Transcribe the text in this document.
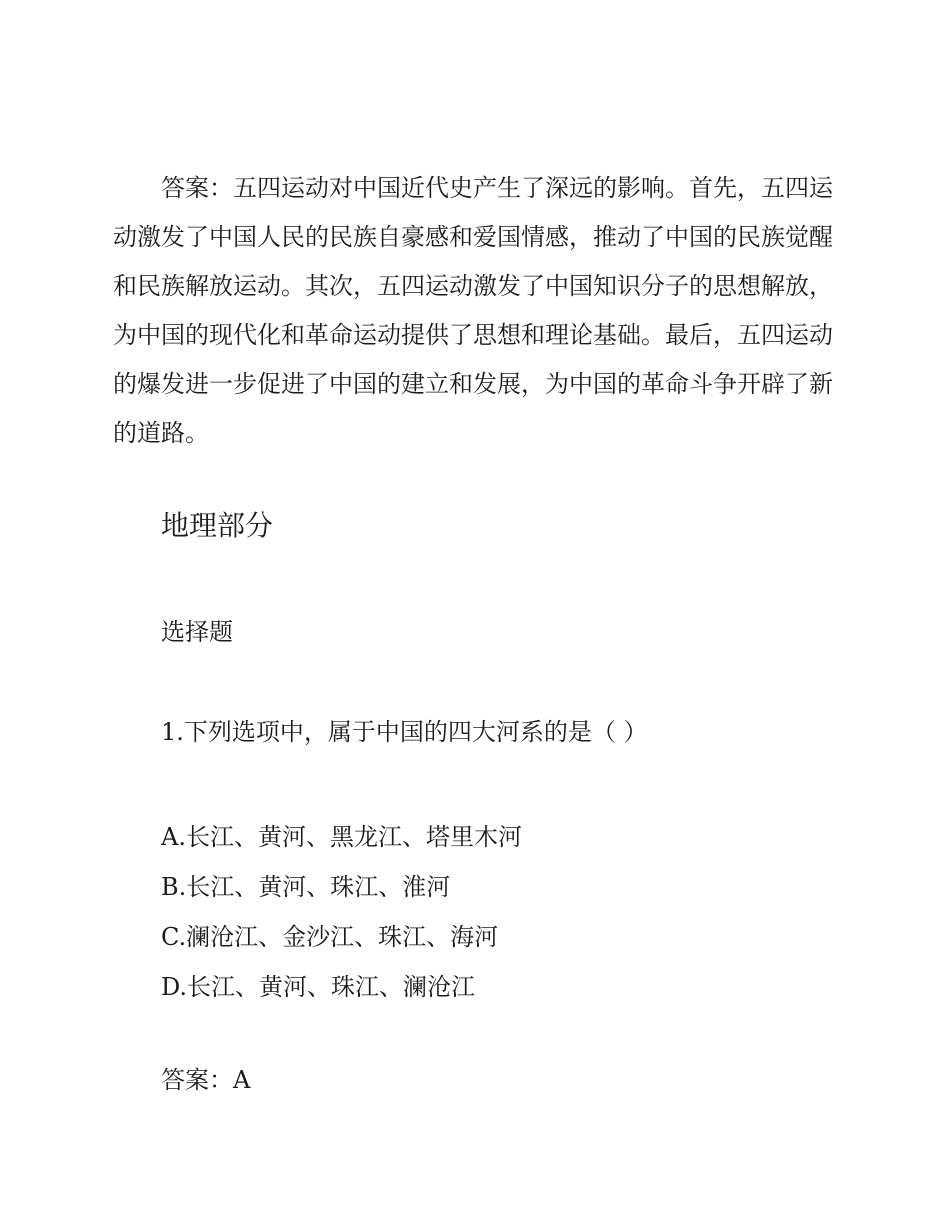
答案：五四运动对中国近代史产生了深远的影响。首先，五四运动激发了中国人民的民族自豪感和爱国情感，推动了中国的民族觉醒和民族解放运动。其次，五四运动激发了中国知识分子的思想解放，为中国的现代化和革命运动提供了思想和理论基础。最后，五四运动的爆发进一步促进了中国的建立和发展，为中国的革命斗争开辟了新的道路。

地理部分

选择题

1.下列选项中，属于中国的四大河系的是（ ）

A.长江、黄河、黑龙江、塔里木河
B.长江、黄河、珠江、淮河
C.澜沧江、金沙江、珠江、海河
D.长江、黄河、珠江、澜沧江

答案：A
